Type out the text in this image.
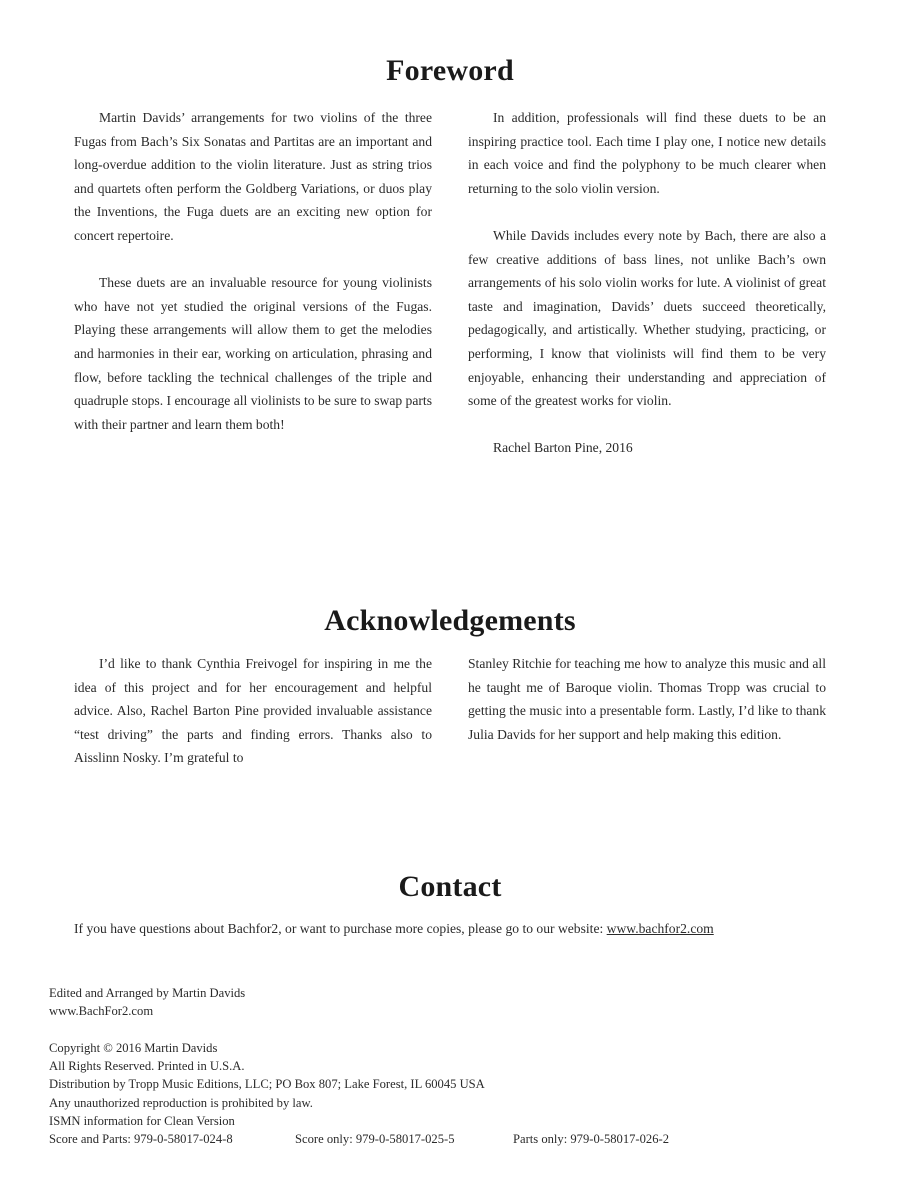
Foreword

Martin Davids’ arrangements for two violins of the three Fugas from Bach’s Six Sonatas and Partitas are an important and long-overdue addition to the violin literature. Just as string trios and quartets often perform the Goldberg Variations, or duos play the Inventions, the Fuga duets are an exciting new option for concert repertoire.

These duets are an invaluable resource for young violinists who have not yet studied the original versions of the Fugas. Playing these arrangements will allow them to get the melodies and harmonies in their ear, working on articulation, phrasing and flow, before tackling the technical challenges of the triple and quadruple stops. I encourage all violinists to be sure to swap parts with their partner and learn them both!

In addition, professionals will find these duets to be an inspiring practice tool. Each time I play one, I notice new details in each voice and find the polyphony to be much clearer when returning to the solo violin version.

While Davids includes every note by Bach, there are also a few creative additions of bass lines, not unlike Bach’s own arrangements of his solo violin works for lute. A violinist of great taste and imagination, Davids’ duets succeed theoretically, pedagogically, and artistically. Whether studying, practicing, or performing, I know that violinists will find them to be very enjoyable, enhancing their understanding and appreciation of some of the greatest works for violin.

Rachel Barton Pine, 2016

Acknowledgements

I’d like to thank Cynthia Freivogel for inspiring in me the idea of this project and for her encouragement and helpful advice. Also, Rachel Barton Pine provided invaluable assistance “test driving” the parts and finding errors. Thanks also to Aisslinn Nosky. I’m grateful to

Stanley Ritchie for teaching me how to analyze this music and all he taught me of Baroque violin. Thomas Tropp was crucial to getting the music into a presentable form. Lastly, I’d like to thank Julia Davids for her support and help making this edition.

Contact
If you have questions about Bachfor2, or want to purchase more copies, please go to our website: www.bachfor2.com
Edited and Arranged by Martin Davids
www.BachFor2.com
Copyright © 2016 Martin Davids
All Rights Reserved. Printed in U.S.A.
Distribution by Tropp Music Editions, LLC; PO Box 807; Lake Forest, IL 60045 USA
Any unauthorized reproduction is prohibited by law.
ISMN information for Clean Version
Score and Parts: 979-0-58017-024-8	Score only: 979-0-58017-025-5	Parts only: 979-0-58017-026-2
